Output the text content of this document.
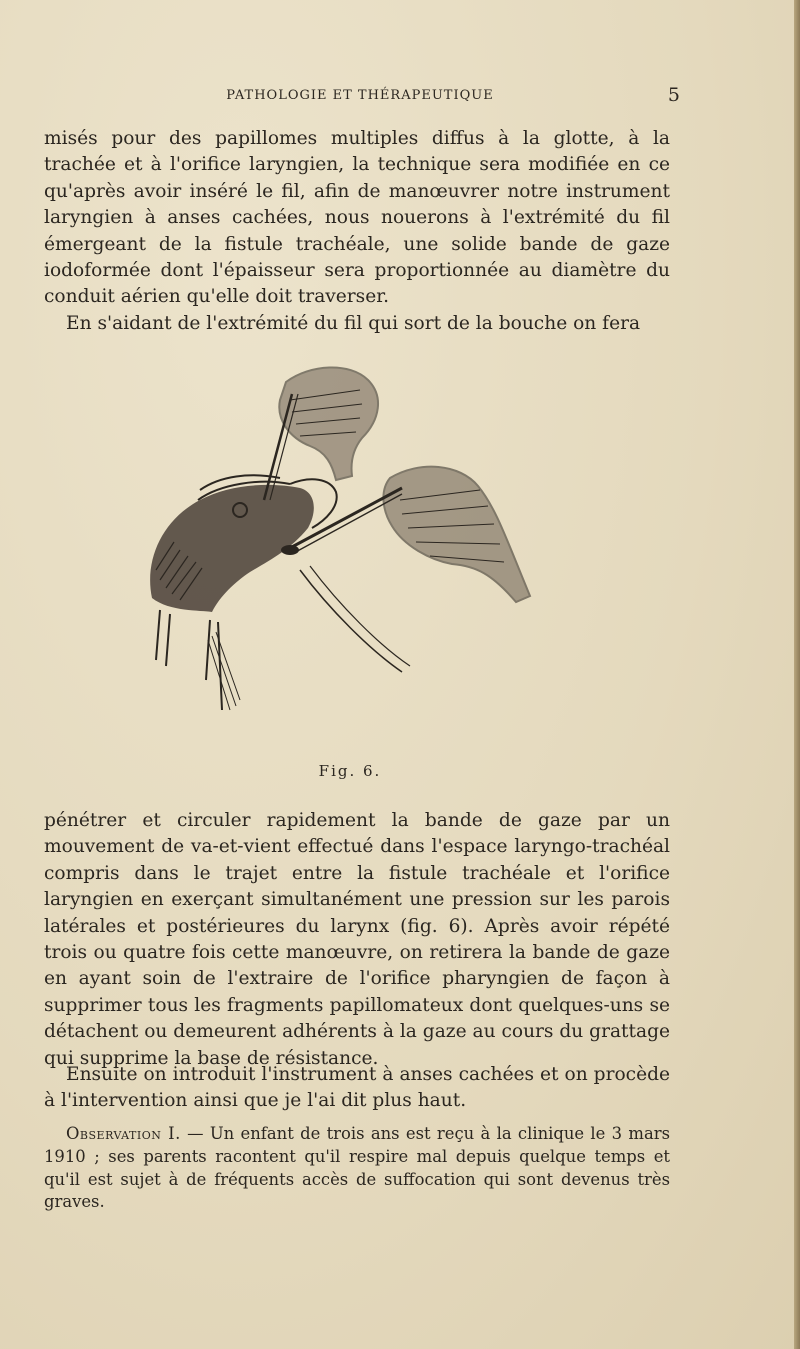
PATHOLOGIE ET THÉRAPEUTIQUE	5

misés pour des papillomes multiples diffus à la glotte, à la trachée et à l'orifice laryngien, la technique sera modifiée en ce qu'après avoir inséré le fil, afin de manœuvrer notre instrument laryngien à anses cachées, nous nouerons à l'extrémité du fil émergeant de la fistule trachéale, une solide bande de gaze iodoformée dont l'épaisseur sera proportionnée au diamètre du conduit aérien qu'elle doit traverser.

En s'aidant de l'extrémité du fil qui sort de la bouche on fera

Fig. 6.

pénétrer et circuler rapidement la bande de gaze par un mouvement de va-et-vient effectué dans l'espace laryngo-trachéal compris dans le trajet entre la fistule trachéale et l'orifice laryngien en exerçant simultanément une pression sur les parois latérales et postérieures du larynx (fig. 6). Après avoir répété trois ou quatre fois cette manœuvre, on retirera la bande de gaze en ayant soin de l'extraire de l'orifice pharyngien de façon à supprimer tous les fragments papillomateux dont quelques-uns se détachent ou demeurent adhérents à la gaze au cours du grattage qui supprime la base de résistance.

Ensuite on introduit l'instrument à anses cachées et on procède à l'intervention ainsi que je l'ai dit plus haut.

Observation I. — Un enfant de trois ans est reçu à la clinique le 3 mars 1910 ; ses parents racontent qu'il respire mal depuis quelque temps et qu'il est sujet à de fréquents accès de suffocation qui sont devenus très graves.
